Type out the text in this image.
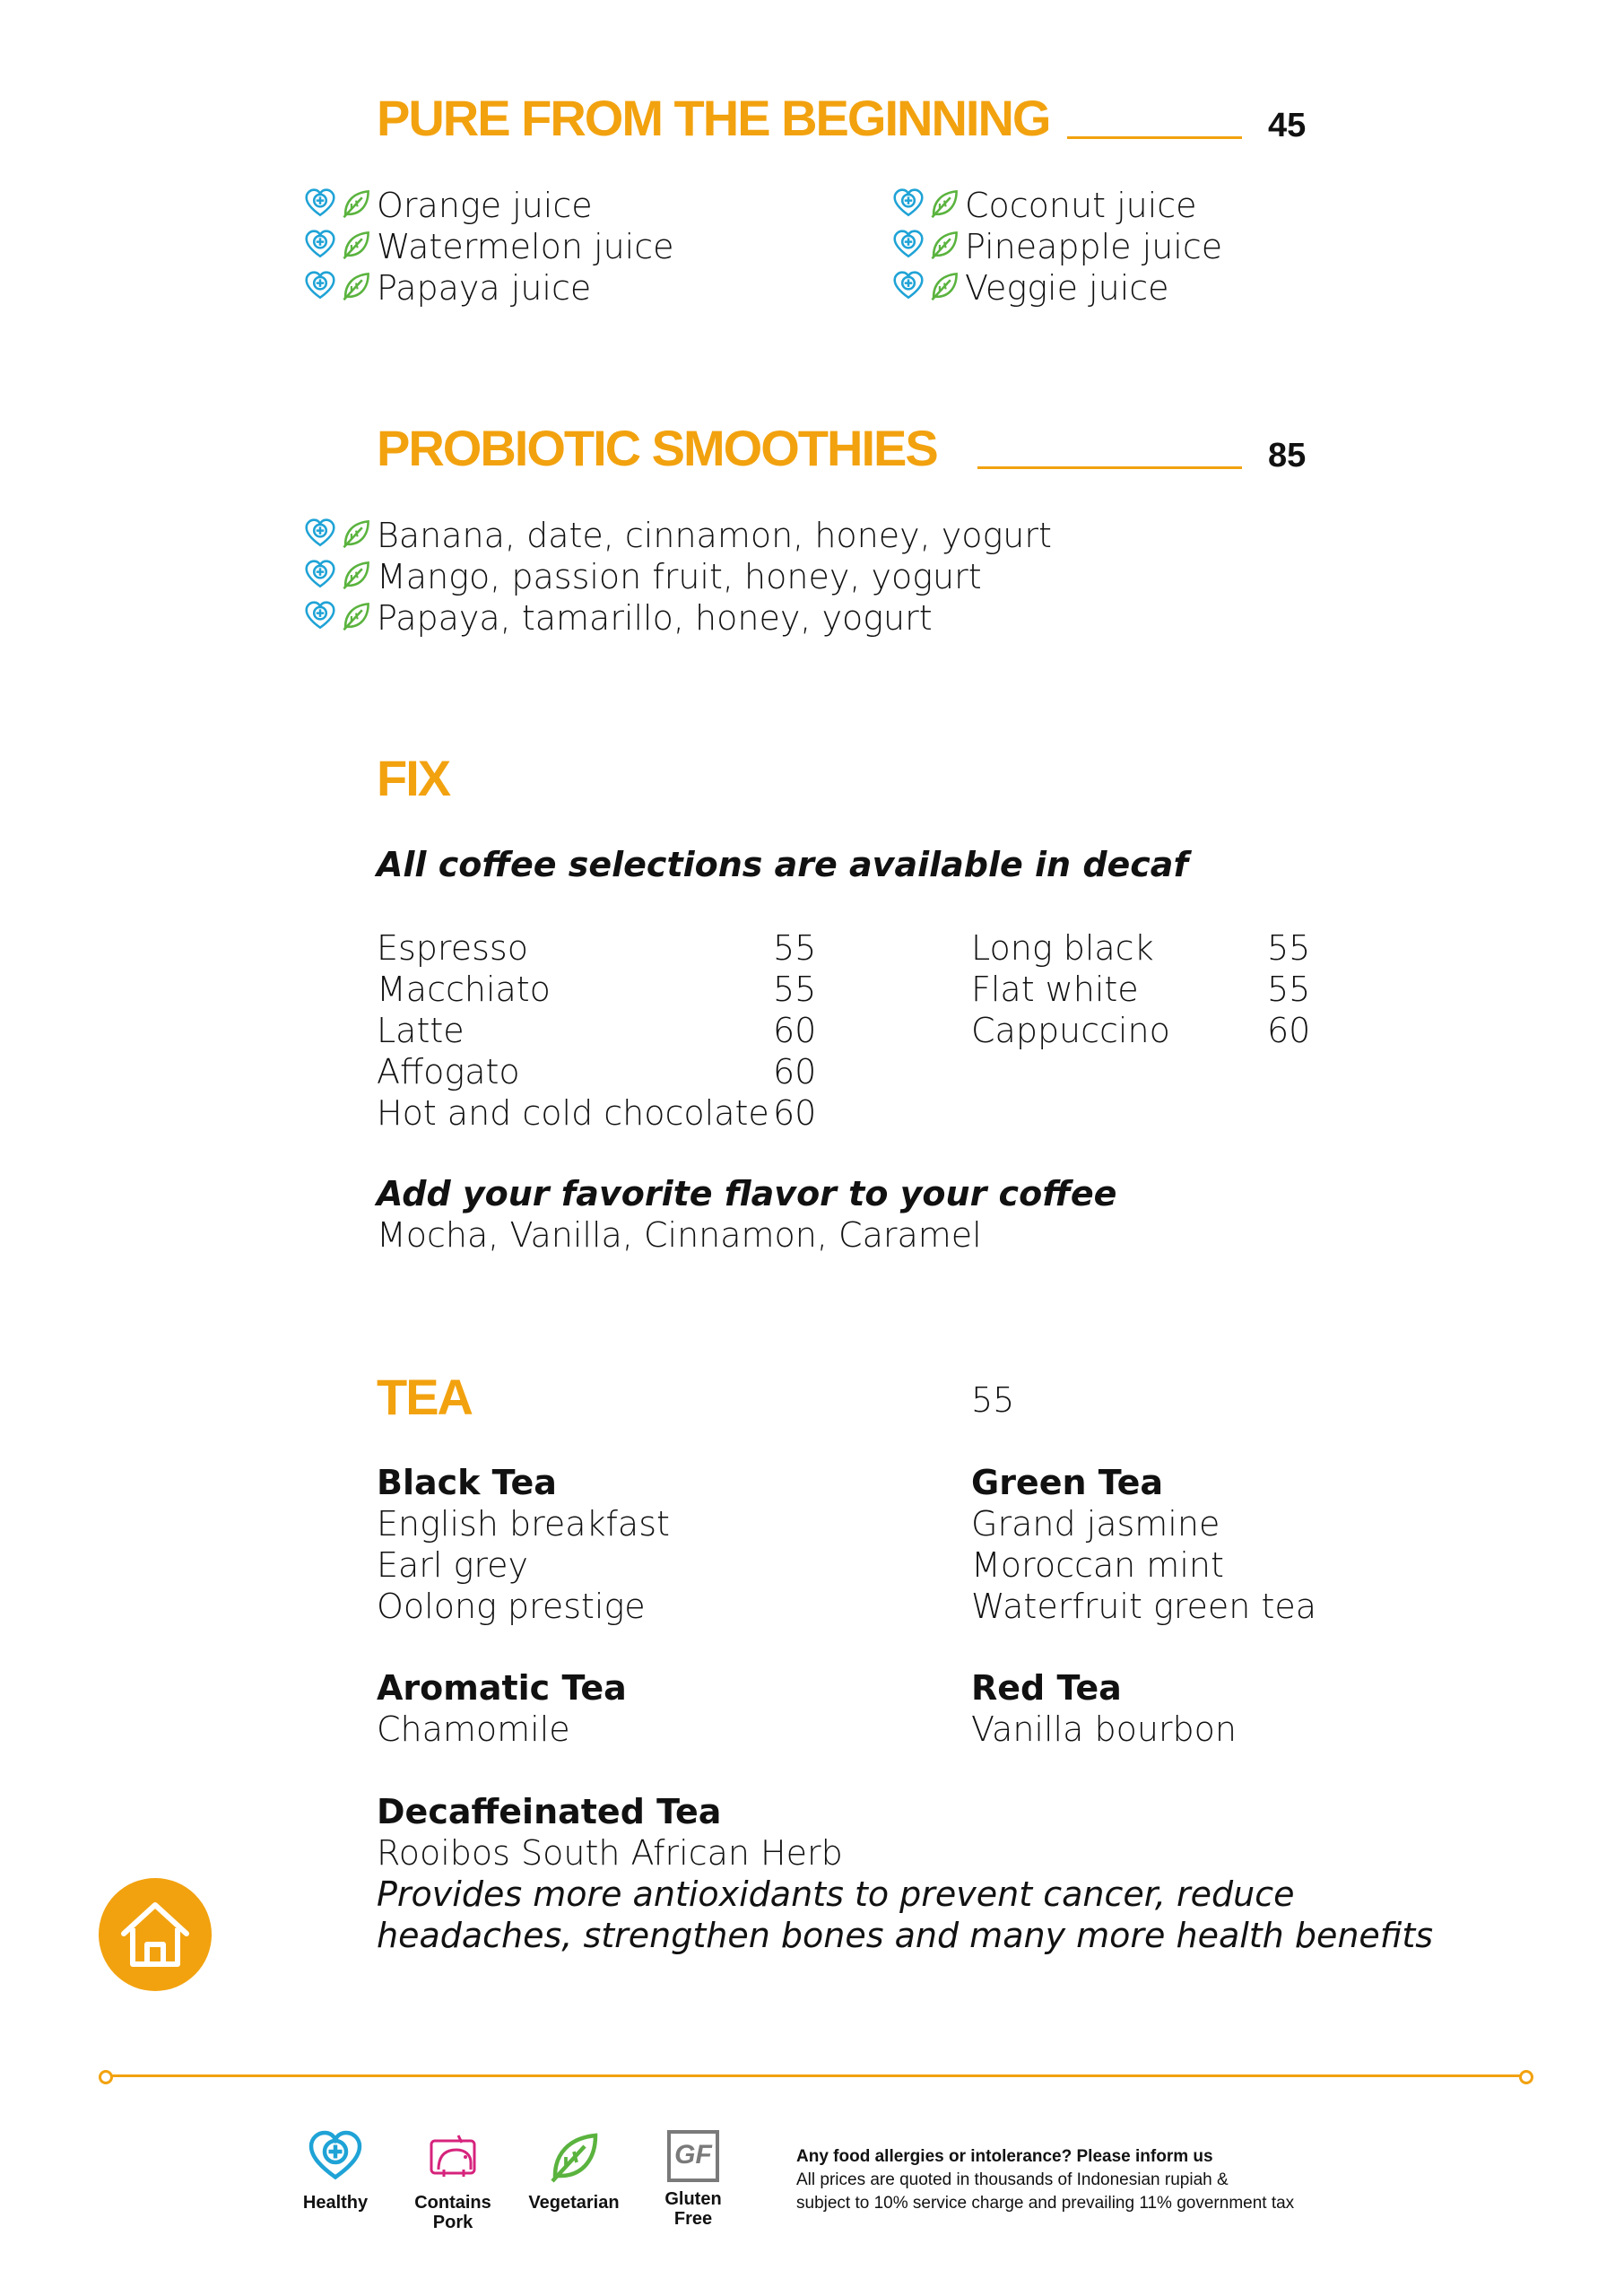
PURE FROM THE BEGINNING	45
Orange juice
Watermelon juice
Papaya juice
Coconut juice
Pineapple juice
Veggie juice
PROBIOTIC SMOOTHIES	85
Banana, date, cinnamon, honey, yogurt
Mango, passion fruit, honey, yogurt
Papaya, tamarillo, honey, yogurt
FIX
All coffee selections are available in decaf
Espresso	55
Macchiato	55
Latte	60
Affogato	60
Hot and cold chocolate 60
Long black	55
Flat white	55
Cappuccino	60
Add your favorite flavor to your coffee
Mocha, Vanilla, Cinnamon, Caramel
TEA	55
Black Tea
English breakfast
Earl grey
Oolong prestige
Green Tea
Grand jasmine
Moroccan mint
Waterfruit green tea
Aromatic Tea
Chamomile
Red Tea
Vanilla bourbon
Decaffeinated Tea
Rooibos South African Herb
Provides more antioxidants to prevent cancer, reduce
headaches, strengthen bones and many more health benefits
Healthy	Contains
Pork
Vegetarian
GF
Gluten
Free
Any food allergies or intolerance? Please inform us
All prices are quoted in thousands of Indonesian rupiah &
subject to 10% service charge and prevailing 11% government tax
